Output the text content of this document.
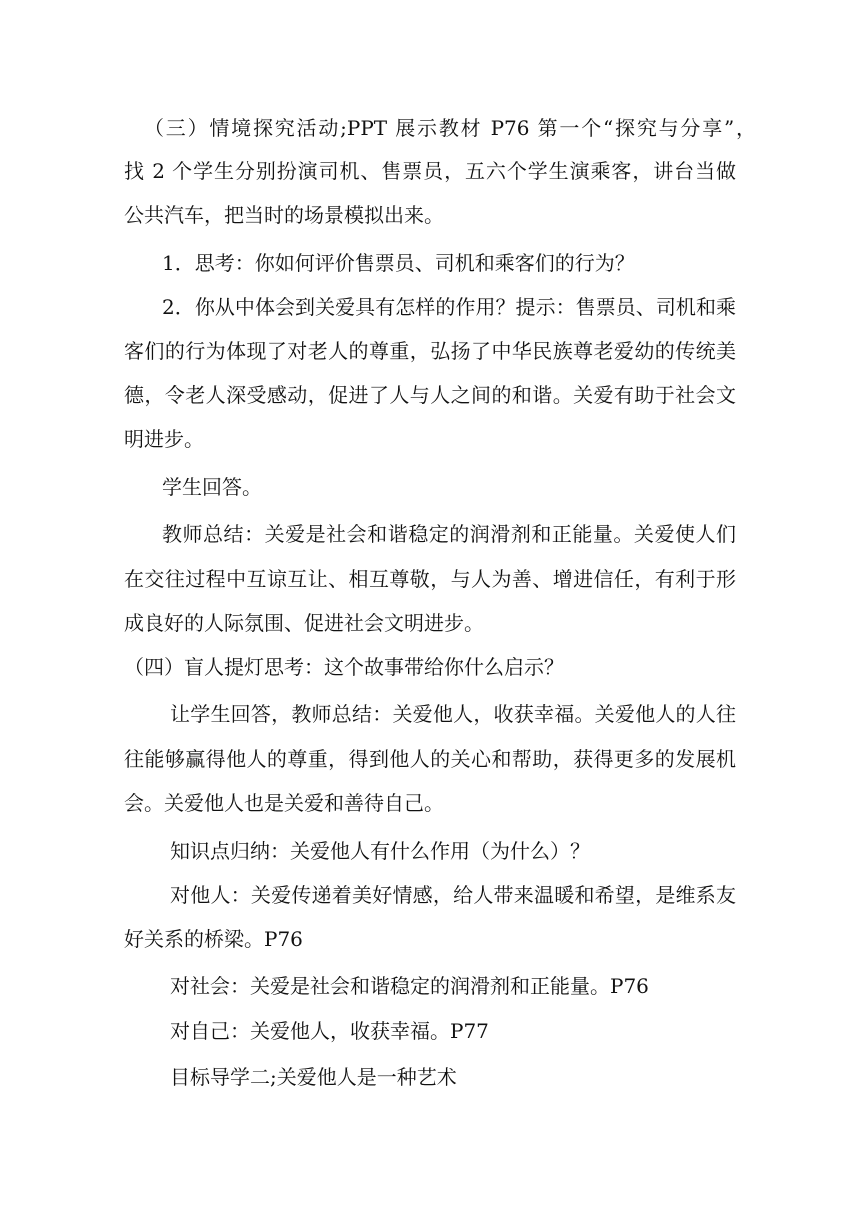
（三）情境探究活动;PPT 展示教材 P76 第一个“探究与分享”，
找 2 个学生分别扮演司机、售票员，五六个学生演乘客，讲台当做
公共汽车，把当时的场景模拟出来。
1．思考：你如何评价售票员、司机和乘客们的行为？
2．你从中体会到关爱具有怎样的作用？提示：售票员、司机和乘
客们的行为体现了对老人的尊重，弘扬了中华民族尊老爱幼的传统美
德，令老人深受感动，促进了人与人之间的和谐。关爱有助于社会文
明进步。
学生回答。
教师总结：关爱是社会和谐稳定的润滑剂和正能量。关爱使人们
在交往过程中互谅互让、相互尊敬，与人为善、增进信任，有利于形
成良好的人际氛围、促进社会文明进步。
（四）盲人提灯思考：这个故事带给你什么启示？
让学生回答，教师总结：关爱他人，收获幸福。关爱他人的人往
往能够赢得他人的尊重，得到他人的关心和帮助，获得更多的发展机
会。关爱他人也是关爱和善待自己。
知识点归纳：关爱他人有什么作用（为什么）？
对他人：关爱传递着美好情感，给人带来温暖和希望，是维系友
好关系的桥梁。P76
对社会：关爱是社会和谐稳定的润滑剂和正能量。P76
对自己：关爱他人，收获幸福。P77
目标导学二;关爱他人是一种艺术
